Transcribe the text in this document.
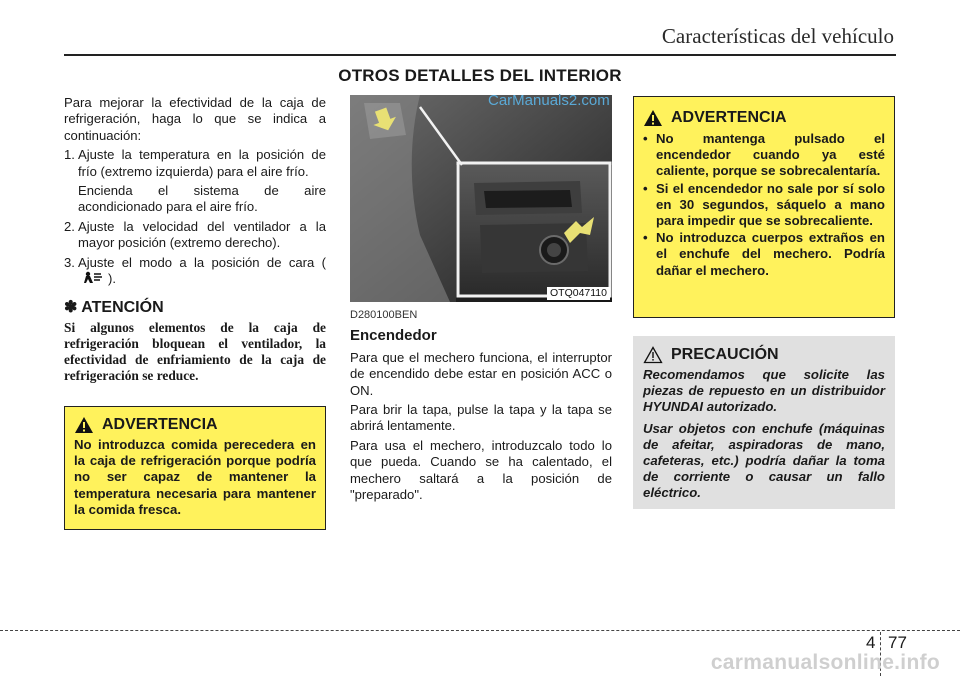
Características del vehículo
OTROS DETALLES DEL INTERIOR

Para mejorar la efectividad de la caja de refrigeración, haga lo que se indica a continuación:

1. Ajuste la temperatura en la posición de frío (extremo izquierda) para el aire frío.
Encienda el sistema de aire acondicionado para el aire frío.
2. Ajuste la velocidad del ventilador a la mayor posición (extremo derecho).
3. Ajuste el modo a la posición de cara ().
✽ ATENCIÓN
Si algunos elementos de la caja de refrigeración bloquean el ventilador, la efectividad de enfriamiento de la caja de refrigeración se reduce.
ADVERTENCIA
No introduzca comida perecedera en la caja de refrigeración porque podría no ser capaz de mantener la temperatura necesaria para mantener la comida fresca.
OTQ047110
CarManuals2.com
D280100BEN
Encendedor

Para que el mechero funciona, el interruptor de encendido debe estar en posición ACC o ON.

Para brir la tapa, pulse la tapa y la tapa se abrirá lentamente.

Para usa el mechero, introduzcalo todo lo que pueda. Cuando se ha calentado, el mechero saltará a la posición de "preparado".

ADVERTENCIA
• No mantenga pulsado el encendedor cuando ya esté caliente, porque se sobrecalentaría.
• Si el encendedor no sale por sí solo en 30 segundos, sáquelo a mano para impedir que se sobrecaliente.
• No introduzca cuerpos extraños en el enchufe del mechero. Podría dañar el mechero.
PRECAUCIÓN
Recomendamos que solicite las piezas de repuesto en un distribuidor HYUNDAI autorizado.
Usar objetos con enchufe (máquinas de afeitar, aspiradoras de mano, cafeteras, etc.) podría dañar la toma de corriente o causar un fallo eléctrico.
4 77
carmanualsonline.info
